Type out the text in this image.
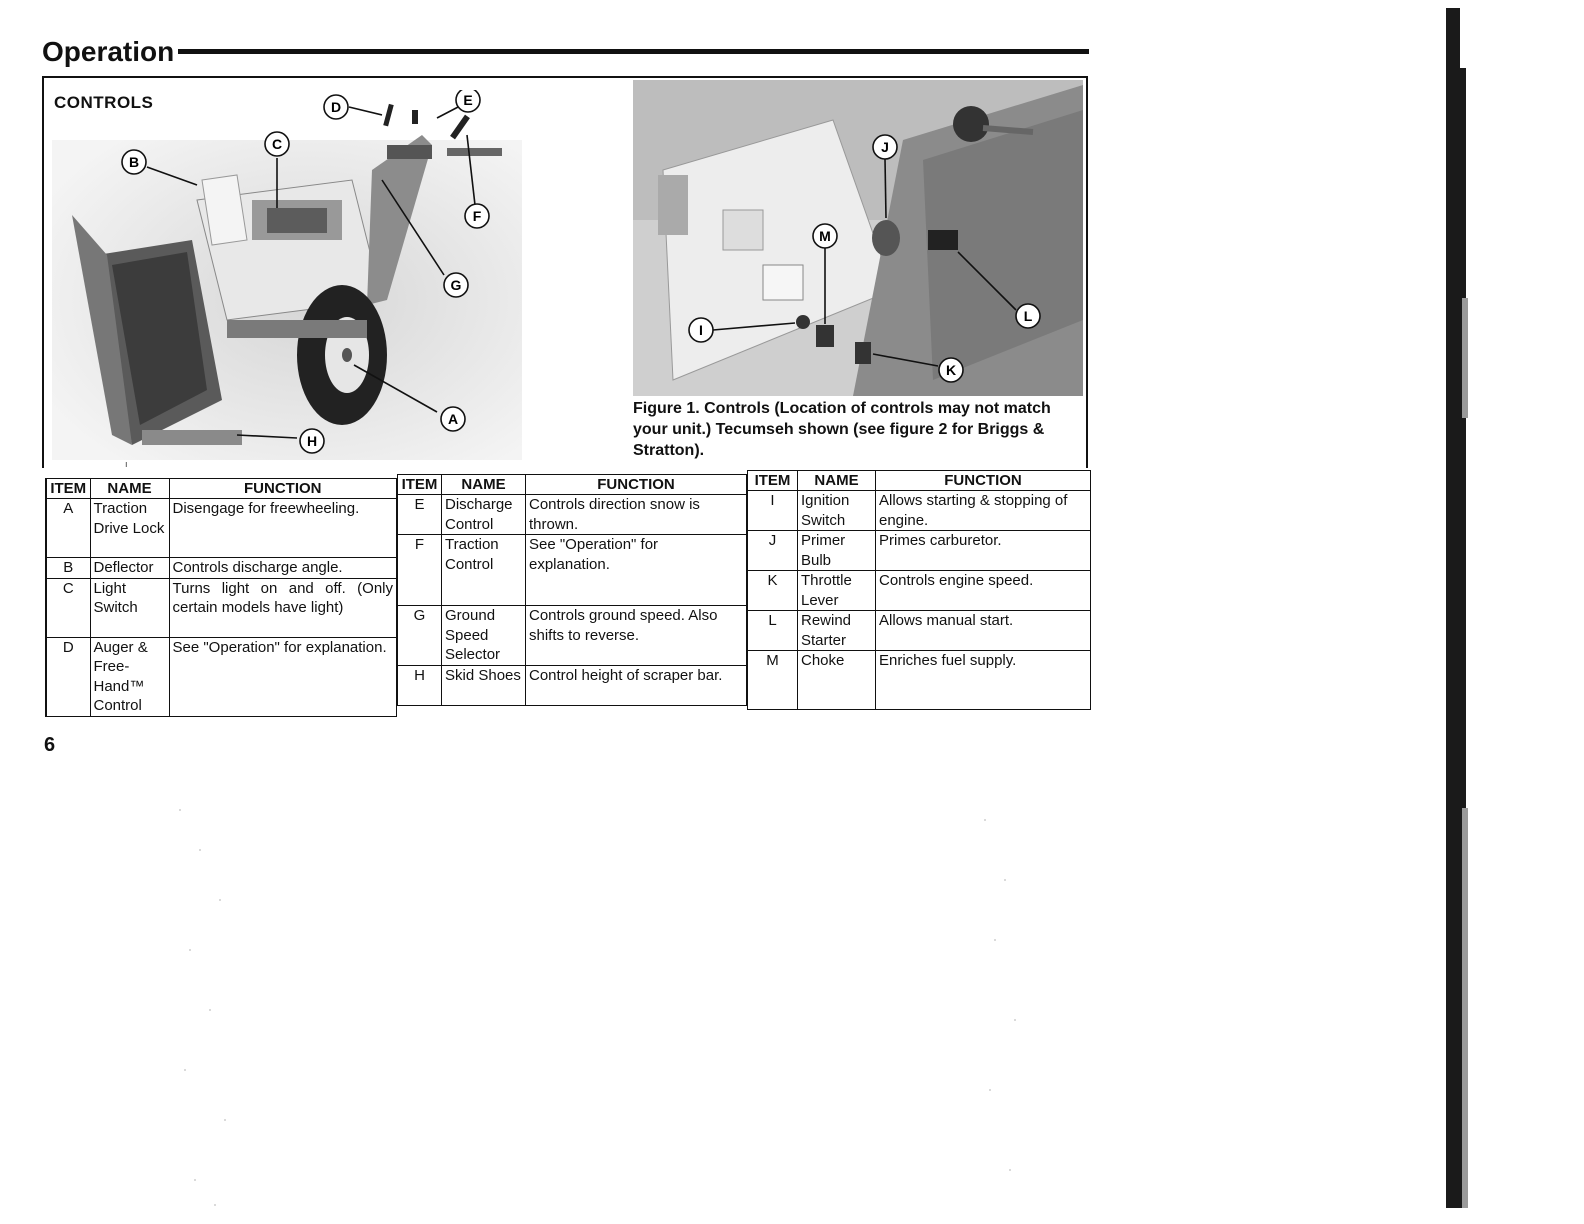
Operation
B
C
D	E
F
G
A
H
CONTROLS
J
M
I
K
L
Figure 1. Controls (Location of controls may not match your unit.) Tecumseh shown (see figure 2 for Briggs & Stratton).
ı
ITEM	NAME	FUNCTION
A	Traction Drive Lock	Disengage for freewheeling.
B	Deflector	Controls discharge angle.
C	Light Switch	Turns light on and off. (Only certain models have light)
D	Auger & Free-Hand™ Control	See "Operation" for explanation.
ITEM	NAME	FUNCTION
E	Discharge Control	Controls direction snow is thrown.
F	Traction Control	See "Operation" for explanation.
G	Ground Speed Selector	Controls ground speed. Also shifts to reverse.
H	Skid Shoes	Control height of scraper bar.
ITEM	NAME	FUNCTION
I	Ignition Switch	Allows starting & stopping of engine.
J	Primer Bulb	Primes carburetor.
K	Throttle Lever	Controls engine speed.
L	Rewind Starter	Allows manual start.
M	Choke	Enriches fuel supply.
6
